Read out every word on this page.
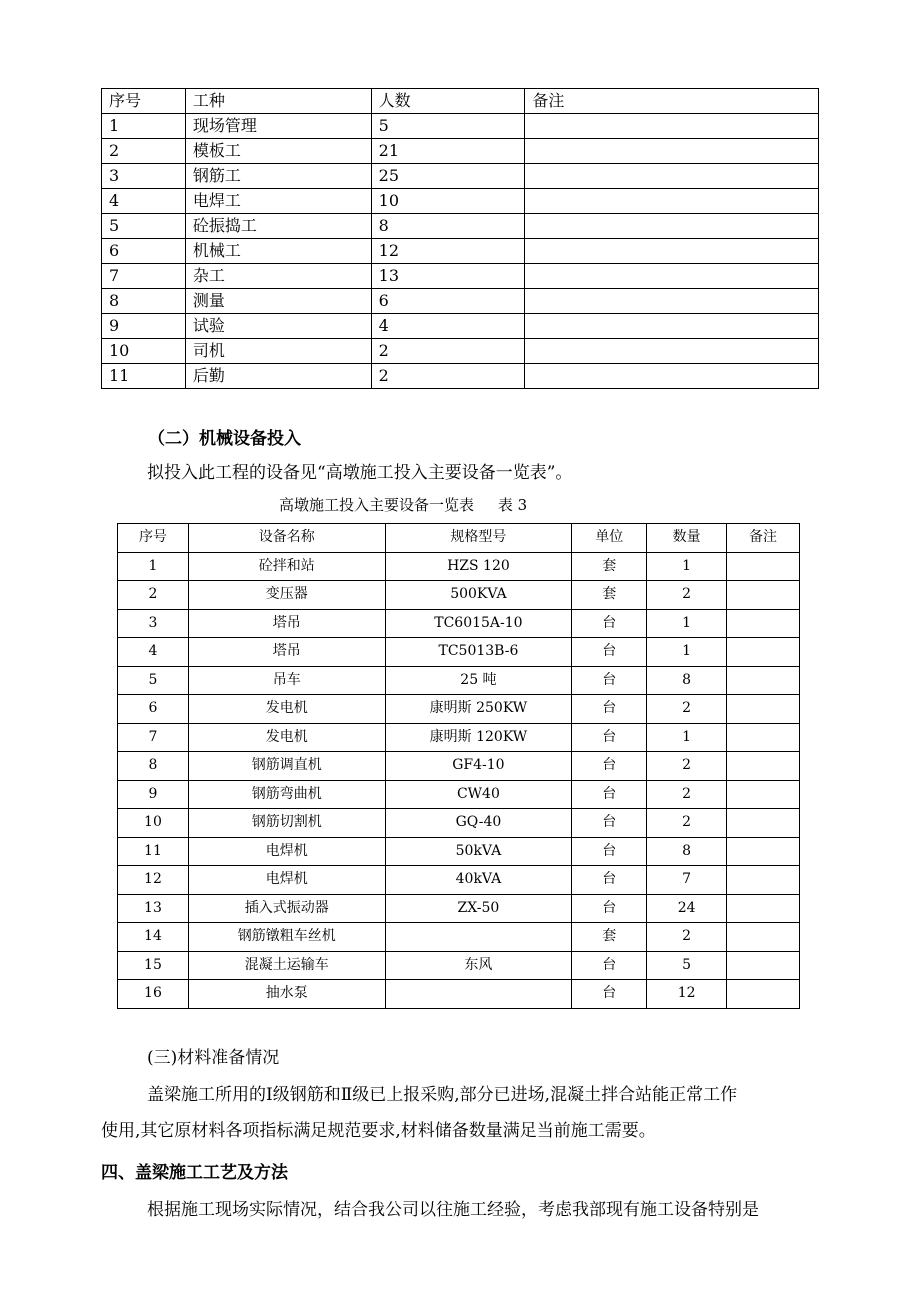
序号	工种	人数	备注
1	现场管理	5	
2	模板工	21	
3	钢筋工	25	
4	电焊工	10	
5	砼振捣工	8	
6	机械工	12	
7	杂工	13	
8	测量	6	
9	试验	4	
10	司机	2	
11	后勤	2	
（二）机械设备投入
拟投入此工程的设备见“高墩施工投入主要设备一览表”。
高墩施工投入主要设备一览表     表 3
序号	设备名称	规格型号	单位	数量	备注
1	砼拌和站	HZS 120	套	1	
2	变压器	500KVA	套	2	
3	塔吊	TC6015A-10	台	1	
4	塔吊	TC5013B-6	台	1	
5	吊车	25 吨	台	8	
6	发电机	康明斯 250KW	台	2	
7	发电机	康明斯 120KW	台	1	
8	钢筋调直机	GF4-10	台	2	
9	钢筋弯曲机	CW40	台	2	
10	钢筋切割机	GQ-40	台	2	
11	电焊机	50kVA	台	8	
12	电焊机	40kVA	台	7	
13	插入式振动器	ZX-50	台	24	
14	钢筋镦粗车丝机		套	2	
15	混凝土运输车	东风	台	5	
16	抽水泵		台	12	
(三)材料准备情况
盖梁施工所用的Ⅰ级钢筋和Ⅱ级已上报采购,部分已进场,混凝土拌合站能正常工作
使用,其它原材料各项指标满足规范要求,材料储备数量满足当前施工需要。
四、盖梁施工工艺及方法
根据施工现场实际情况，结合我公司以往施工经验，考虑我部现有施工设备特别是
